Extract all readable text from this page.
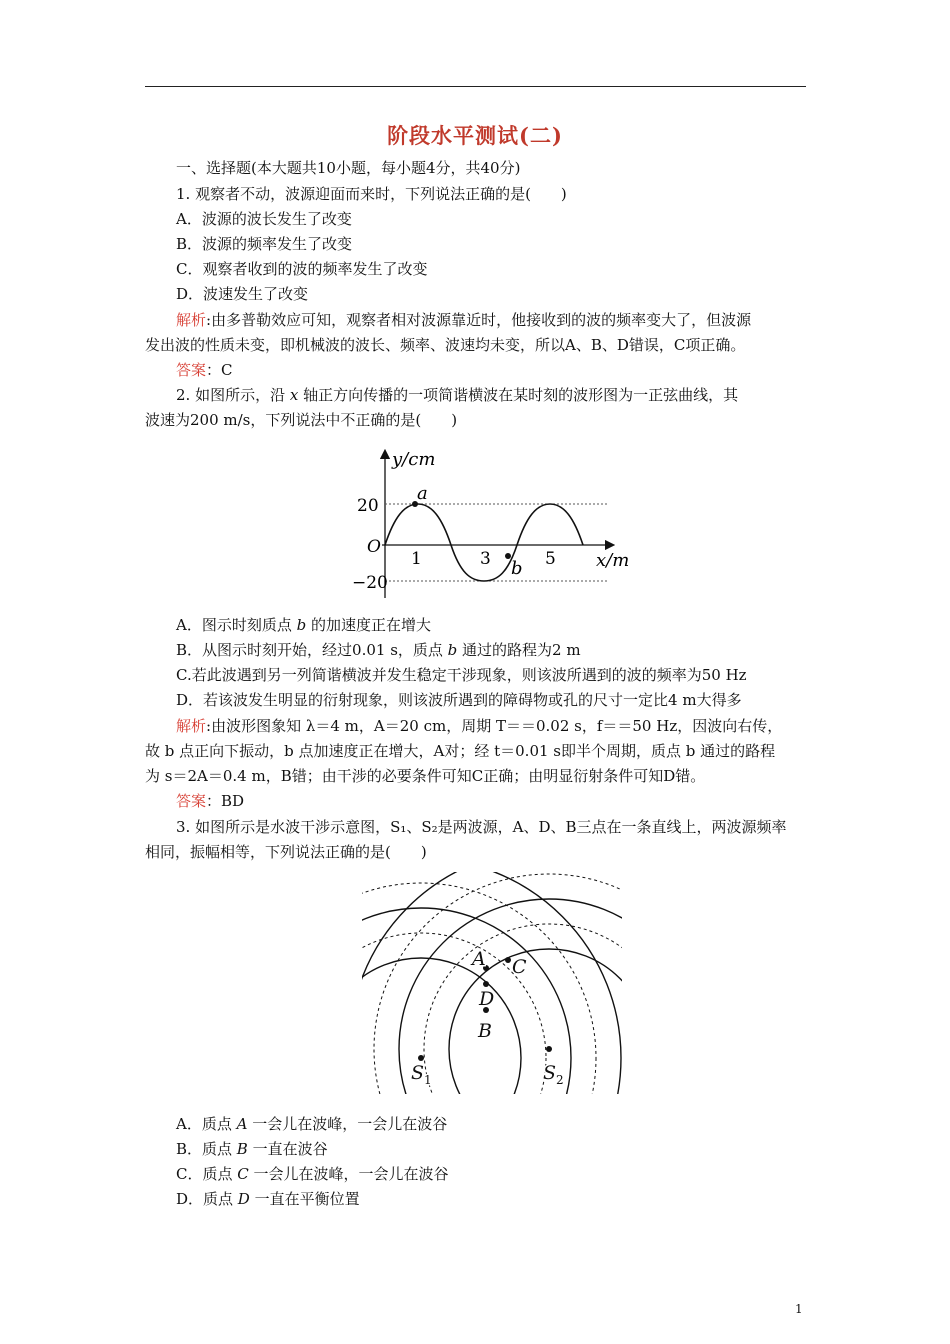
阶段水平测试(二)
一、选择题(本大题共10小题，每小题4分，共40分)
1. 观察者不动，波源迎面而来时，下列说法正确的是(　　)
A．波源的波长发生了改变
B．波源的频率发生了改变
C．观察者收到的波的频率发生了改变
D．波速发生了改变
解析:由多普勒效应可知，观察者相对波源靠近时，他接收到的波的频率变大了，但波源
发出波的性质未变，即机械波的波长、频率、波速均未变，所以A、B、D错误，C项正确。
答案：C
2. 如图所示，沿 x 轴正方向传播的一项简谐横波在某时刻的波形图为一正弦曲线，其
波速为200 m/s，下列说法中不正确的是(　　)
y/cm
x/m
O
20
−20
1	3	5
a
b
A．图示时刻质点 b 的加速度正在增大
B．从图示时刻开始，经过0.01 s，质点 b 通过的路程为2 m
C.若此波遇到另一列简谐横波并发生稳定干涉现象，则该波所遇到的波的频率为50 Hz
D．若该波发生明显的衍射现象，则该波所遇到的障碍物或孔的尺寸一定比4 m大得多
解析:由波形图象知 λ＝4 m，A＝20 cm，周期 T＝＝0.02 s，f＝＝50 Hz，因波向右传，
故 b 点正向下振动，b 点加速度正在增大，A对；经 t＝0.01 s即半个周期，质点 b 通过的路程
为 s＝2A＝0.4 m，B错；由干涉的必要条件可知C正确；由明显衍射条件可知D错。
答案：BD
3. 如图所示是水波干涉示意图，S₁、S₂是两波源，A、D、B三点在一条直线上，两波源频率
相同，振幅相等，下列说法正确的是(　　)
A C
D
B
$S_1$	$S_2$
A．质点 A 一会儿在波峰，一会儿在波谷
B．质点 B 一直在波谷
C．质点 C 一会儿在波峰，一会儿在波谷
D．质点 D 一直在平衡位置
1
